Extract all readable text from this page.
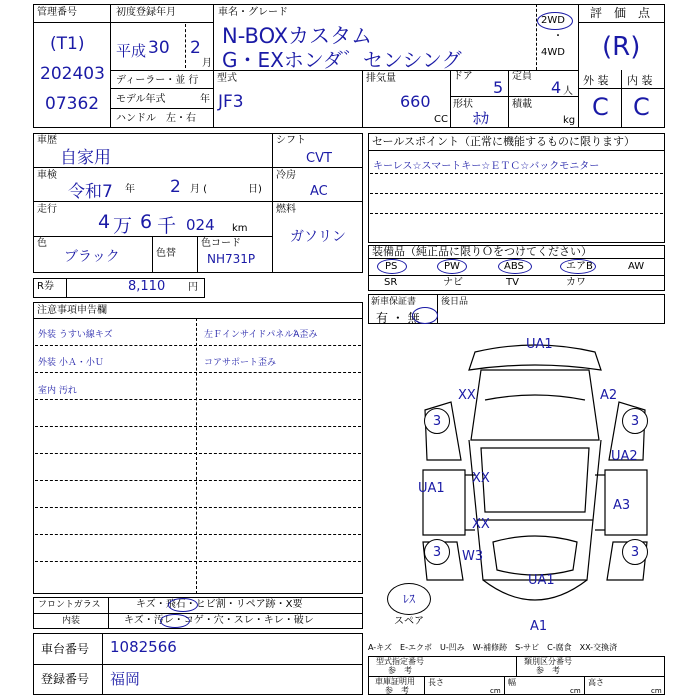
管理番号
(T1)
202403
07362
初度登録年月
平成 30 2
月
車名・グレード
N-BOXカスタム
G・EXホンダ゛センシング
2WD
・
4WD
評　価　点
(R)
ディーラー・並 行
モデル年式	年
ハンドル　左・右
型式
JF3
排気量
660
CC
ドア
5
定員
4 人
形状
ﾎｶ
積載
kg
外 装
C
内 装
C
車歴
自家用
車検
令和7 年 2 月 (	日)
走行
4 万 6 千 024 km
色
ブラック	色替
色コード
NH731P
シフト
CVT
冷房
AC
燃料
ガソリン
セールスポイント（正常に機能するものに限ります）
キーレス☆スマートキー☆ＥＴＣ☆バックモニター
装備品（純正品に限りＯをつけてください）
PS	PW	ABS	エアB	AW
SR	ナビ	TV	カワ
R券	8,110 円
新車保証書
有 ・ 無
後日品
注意事項申告欄
外装 うすい線キズ	左ＦインサイドパネルΆ歪み
外装 小Ａ・小Ｕ	コアサポート歪み
室内 汚れ
3	3
3	3
ﾚｽ
スペア
UA1
XX	A2
UA2
UA1
XX
A3
XX
W3
UA1
A1
フロントガラス	キズ・飛石・ヒビ割・リペア跡・X要
内装	キズ・汚レ・コゲ・穴・スレ・キレ・破レ
車台番号 1082566
登録番号 福岡
A-キズ　E-エクボ　U-凹み　W-補修跡　S-サビ　C-腐食　XX-交換済
型式指定番号
参　考
類別区分番号
参　考
車庫証明用
参　考
長さ
cm
幅
cm
高さ
cm
